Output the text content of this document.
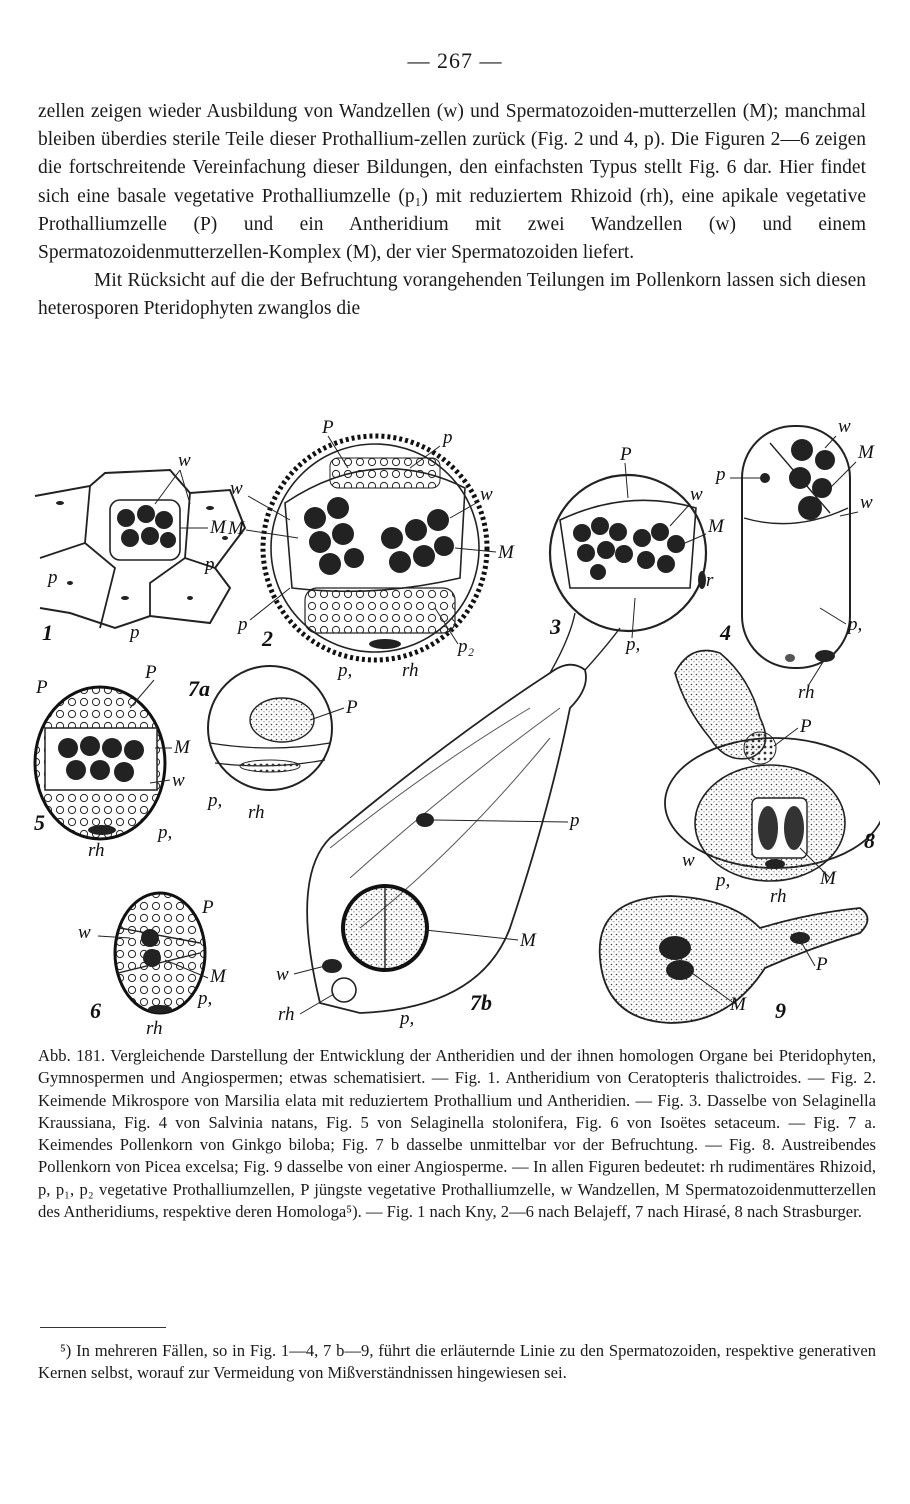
— 267 —

zellen zeigen wieder Ausbildung von Wandzellen (w) und Spermatozoiden-mutterzellen (M); manchmal bleiben überdies sterile Teile dieser Prothallium-zellen zurück (Fig. 2 und 4, p). Die Figuren 2—6 zeigen die fortschreitende Vereinfachung dieser Bildungen, den einfachsten Typus stellt Fig. 6 dar. Hier findet sich eine basale vegetative Prothalliumzelle (p₁) mit reduziertem Rhizoid (rh), eine apikale vegetative Prothalliumzelle (P) und ein Antheridium mit zwei Wandzellen (w) und einem Spermatozoidenmutterzellen-Komplex (M), der vier Spermatozoiden liefert.

Mit Rücksicht auf die der Befruchtung vorangehenden Teilungen im Pollenkorn lassen sich diesen heterosporen Pteridophyten zwanglos die

1	2	3	4
5
6
7a
7b
8
9
w
M
p
p
p
P	p
w	w
M
M
p
p₂
p,	rh
P
w
M
r
p,
w
M
p
w
p,
rh
P
P
M
w
p,
rh
P
p,
rh	p
M
w
rh	p,
P
w
M
p,
rh
P
w
p,
rh
M
P
M

Abb. 181. Vergleichende Darstellung der Entwicklung der Antheridien und der ihnen homologen Organe bei Pteridophyten, Gymnospermen und Angiospermen; etwas schematisiert. — Fig. 1. Antheridium von Ceratopteris thalictroides. — Fig. 2. Keimende Mikrospore von Marsilia elata mit reduziertem Prothallium und Antheridien. — Fig. 3. Dasselbe von Selaginella Kraussiana, Fig. 4 von Salvinia natans, Fig. 5 von Selaginella stolonifera, Fig. 6 von Isoëtes setaceum. — Fig. 7 a. Keimendes Pollenkorn von Ginkgo biloba; Fig. 7 b dasselbe unmittelbar vor der Befruchtung. — Fig. 8. Austreibendes Pollenkorn von Picea excelsa; Fig. 9 dasselbe von einer Angiosperme. — In allen Figuren bedeutet: rh rudimentäres Rhizoid, p, p₁, p₂ vegetative Prothalliumzellen, P jüngste vegetative Prothalliumzelle, w Wandzellen, M Spermatozoidenmutterzellen des Antheridiums, respektive deren Homologa⁵). — Fig. 1 nach Kny, 2—6 nach Belajeff, 7 nach Hirasé, 8 nach Strasburger.

⁵) In mehreren Fällen, so in Fig. 1—4, 7 b—9, führt die erläuternde Linie zu den Spermatozoiden, respektive generativen Kernen selbst, worauf zur Vermeidung von Mißverständnissen hingewiesen sei.
